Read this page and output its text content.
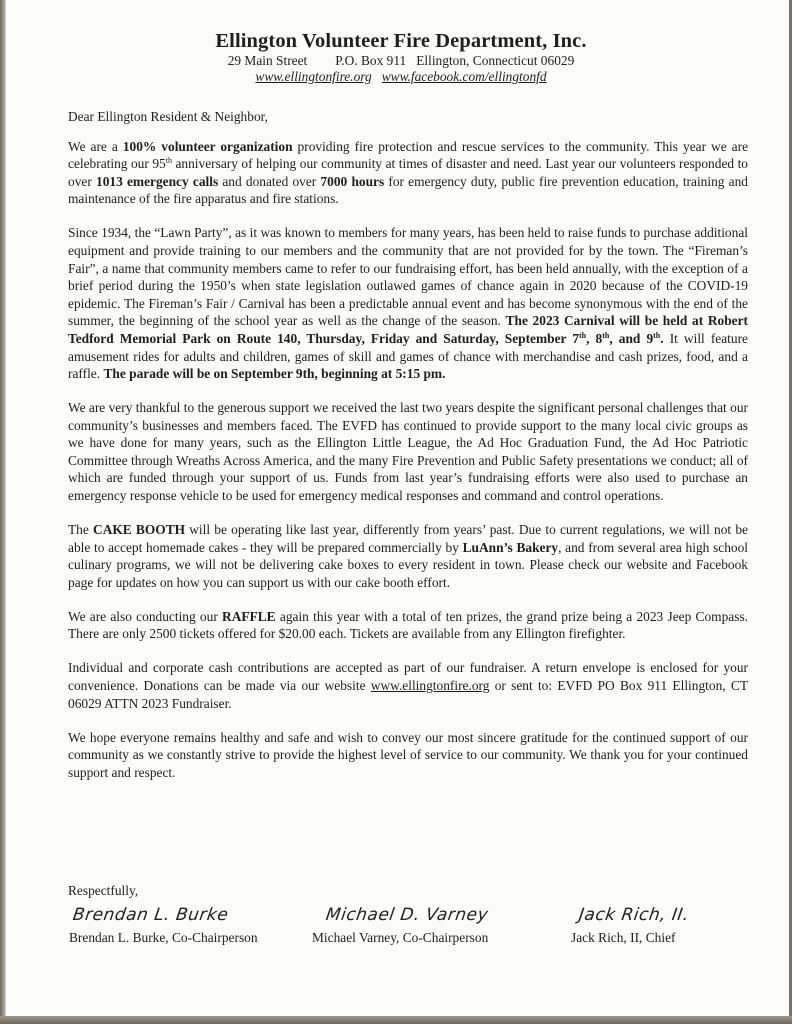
Ellington Volunteer Fire Department, Inc.
29 Main Street P.O. Box 911 Ellington, Connecticut 06029
www.ellingtonfire.org www.facebook.com/ellingtonfd

Dear Ellington Resident & Neighbor,

We are a 100% volunteer organization providing fire protection and rescue services to the community. This year we are celebrating our 95th anniversary of helping our community at times of disaster and need. Last year our volunteers responded to over 1013 emergency calls and donated over 7000 hours for emergency duty, public fire prevention education, training and maintenance of the fire apparatus and fire stations.

Since 1934, the “Lawn Party”, as it was known to members for many years, has been held to raise funds to purchase additional equipment and provide training to our members and the community that are not provided for by the town. The “Fireman’s Fair”, a name that community members came to refer to our fundraising effort, has been held annually, with the exception of a brief period during the 1950’s when state legislation outlawed games of chance again in 2020 because of the COVID-19 epidemic. The Fireman’s Fair / Carnival has been a predictable annual event and has become synonymous with the end of the summer, the beginning of the school year as well as the change of the season. The 2023 Carnival will be held at Robert Tedford Memorial Park on Route 140, Thursday, Friday and Saturday, September 7th, 8th, and 9th. It will feature amusement rides for adults and children, games of skill and games of chance with merchandise and cash prizes, food, and a raffle. The parade will be on September 9th, beginning at 5:15 pm.

We are very thankful to the generous support we received the last two years despite the significant personal challenges that our community’s businesses and members faced. The EVFD has continued to provide support to the many local civic groups as we have done for many years, such as the Ellington Little League, the Ad Hoc Graduation Fund, the Ad Hoc Patriotic Committee through Wreaths Across America, and the many Fire Prevention and Public Safety presentations we conduct; all of which are funded through your support of us. Funds from last year’s fundraising efforts were also used to purchase an emergency response vehicle to be used for emergency medical responses and command and control operations.

The CAKE BOOTH will be operating like last year, differently from years’ past. Due to current regulations, we will not be able to accept homemade cakes - they will be prepared commercially by LuAnn’s Bakery, and from several area high school culinary programs, we will not be delivering cake boxes to every resident in town. Please check our website and Facebook page for updates on how you can support us with our cake booth effort.

We are also conducting our RAFFLE again this year with a total of ten prizes, the grand prize being a 2023 Jeep Compass. There are only 2500 tickets offered for $20.00 each. Tickets are available from any Ellington firefighter.

Individual and corporate cash contributions are accepted as part of our fundraiser. A return envelope is enclosed for your convenience. Donations can be made via our website www.ellingtonfire.org or sent to: EVFD PO Box 911 Ellington, CT 06029 ATTN 2023 Fundraiser.

We hope everyone remains healthy and safe and wish to convey our most sincere gratitude for the continued support of our community as we constantly strive to provide the highest level of service to our community. We thank you for your continued support and respect.

Respectfully,
Brendan L. Burke
Brendan L. Burke, Co-Chairperson
Michael D. Varney
Michael Varney, Co-Chairperson
Jack Rich, II.
Jack Rich, II, Chief
